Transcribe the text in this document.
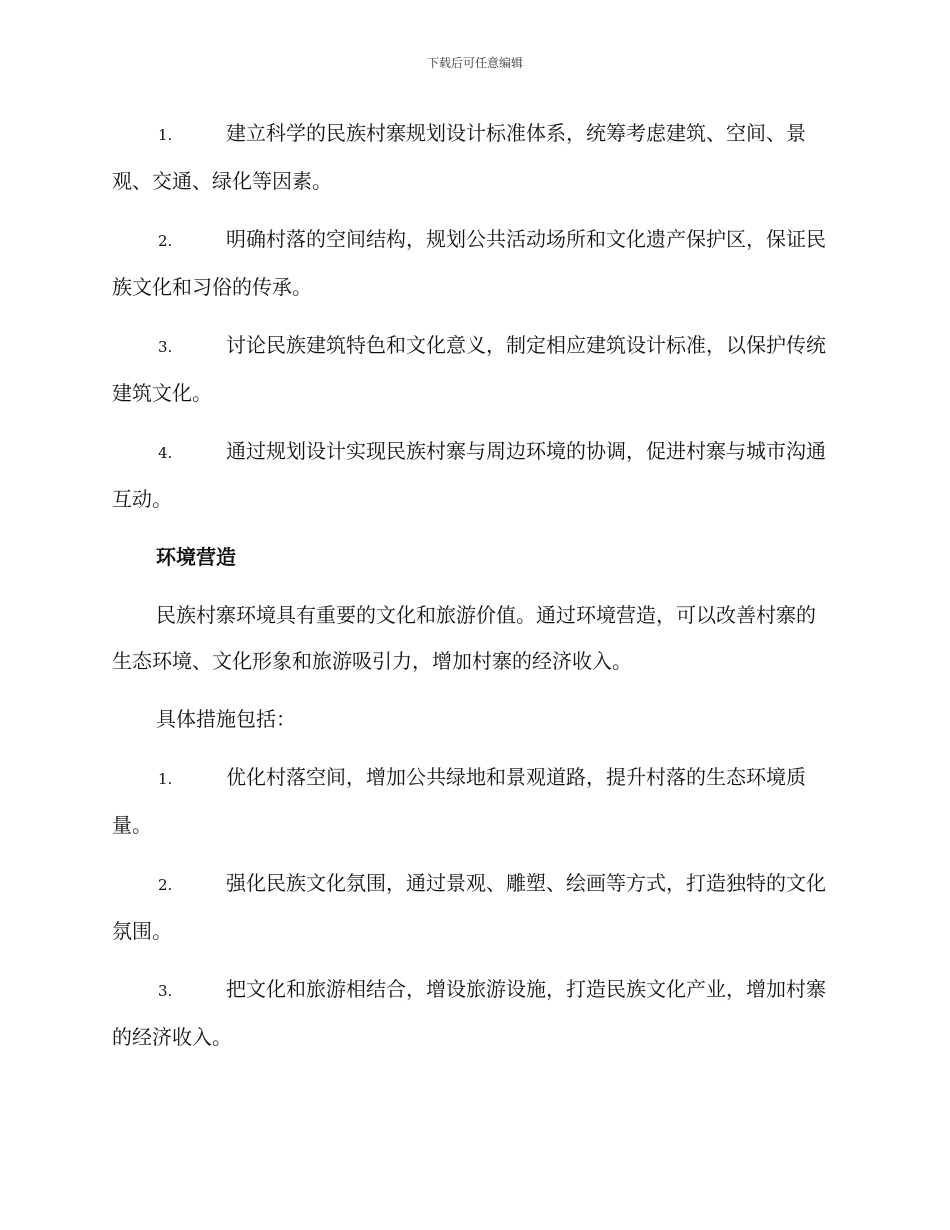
下载后可任意编辑

1.	建立科学的民族村寨规划设计标准体系，统筹考虑建筑、空间、景观、交通、绿化等因素。

2.	明确村落的空间结构，规划公共活动场所和文化遗产保护区，保证民族文化和习俗的传承。

3.	讨论民族建筑特色和文化意义，制定相应建筑设计标准，以保护传统建筑文化。

4.	通过规划设计实现民族村寨与周边环境的协调，促进村寨与城市沟通互动。

环境营造

民族村寨环境具有重要的文化和旅游价值。通过环境营造，可以改善村寨的生态环境、文化形象和旅游吸引力，增加村寨的经济收入。

具体措施包括：

1.	优化村落空间，增加公共绿地和景观道路，提升村落的生态环境质量。

2.	强化民族文化氛围，通过景观、雕塑、绘画等方式，打造独特的文化氛围。

3.	把文化和旅游相结合，增设旅游设施，打造民族文化产业，增加村寨的经济收入。
